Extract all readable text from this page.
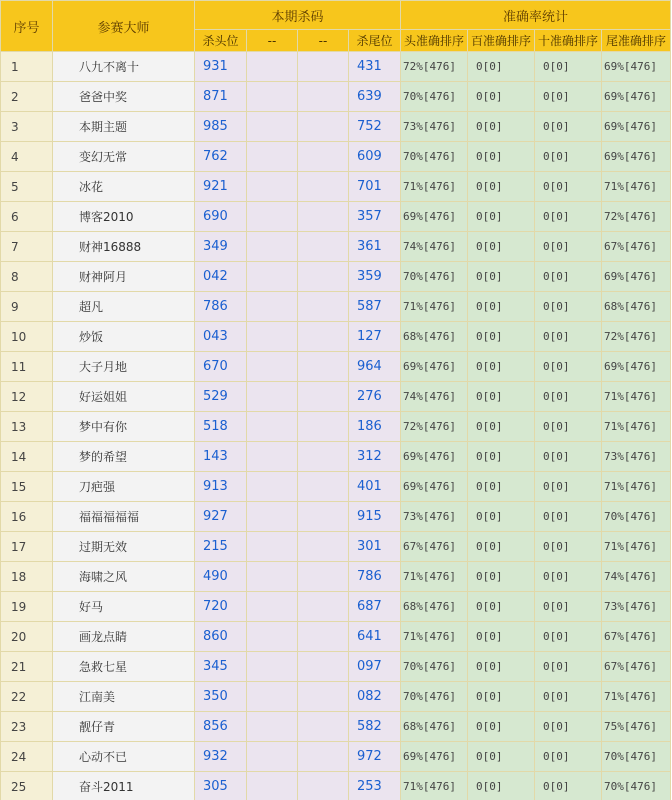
序号	参赛大师	本期杀码				准确率统计			
		杀头位	--	--	杀尾位	头准确排序	百准确排序	十准确排序	尾准确排序
1	八九不离十	931			431	72%[476]	0[0]	0[0]	69%[476]
2	爸爸中奖	871			639	70%[476]	0[0]	0[0]	69%[476]
3	本期主题	985			752	73%[476]	0[0]	0[0]	69%[476]
4	变幻无常	762			609	70%[476]	0[0]	0[0]	69%[476]
5	冰花	921			701	71%[476]	0[0]	0[0]	71%[476]
6	博客2010	690			357	69%[476]	0[0]	0[0]	72%[476]
7	财神16888	349			361	74%[476]	0[0]	0[0]	67%[476]
8	财神阿月	042			359	70%[476]	0[0]	0[0]	69%[476]
9	超凡	786			587	71%[476]	0[0]	0[0]	68%[476]
10	炒饭	043			127	68%[476]	0[0]	0[0]	72%[476]
11	大子月地	670			964	69%[476]	0[0]	0[0]	69%[476]
12	好运姐姐	529			276	74%[476]	0[0]	0[0]	71%[476]
13	梦中有你	518			186	72%[476]	0[0]	0[0]	71%[476]
14	梦的希望	143			312	69%[476]	0[0]	0[0]	73%[476]
15	刀疤强	913			401	69%[476]	0[0]	0[0]	71%[476]
16	福福福福福	927			915	73%[476]	0[0]	0[0]	70%[476]
17	过期无效	215			301	67%[476]	0[0]	0[0]	71%[476]
18	海啸之风	490			786	71%[476]	0[0]	0[0]	74%[476]
19	好马	720			687	68%[476]	0[0]	0[0]	73%[476]
20	画龙点睛	860			641	71%[476]	0[0]	0[0]	67%[476]
21	急救七星	345			097	70%[476]	0[0]	0[0]	67%[476]
22	江南美	350			082	70%[476]	0[0]	0[0]	71%[476]
23	靓仔青	856			582	68%[476]	0[0]	0[0]	75%[476]
24	心动不已	932			972	69%[476]	0[0]	0[0]	70%[476]
25	奋斗2011	305			253	71%[476]	0[0]	0[0]	70%[476]
